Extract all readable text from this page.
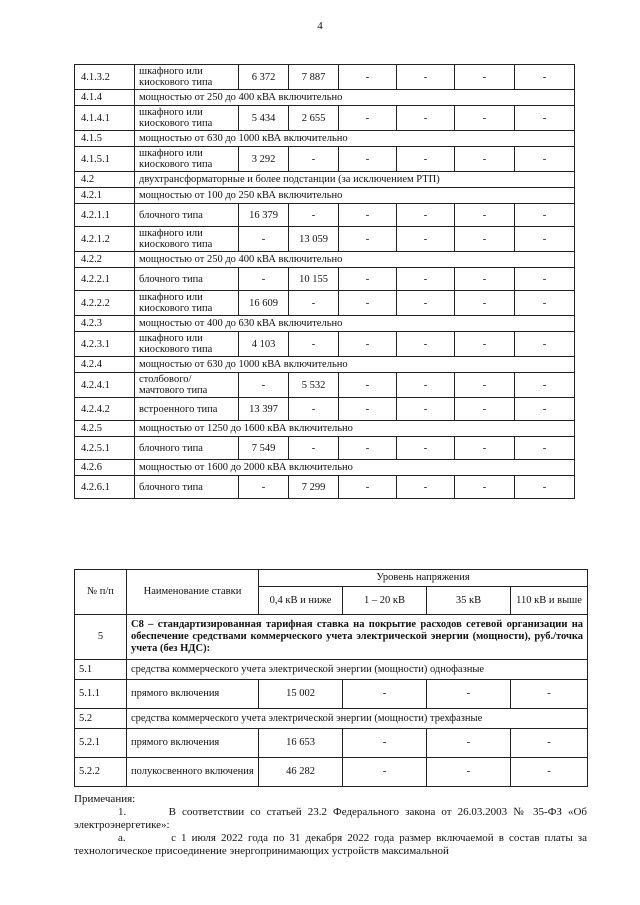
4
4.1.3.2	шкафного или киоскового типа	6 372	7 887	-	-	-	-
4.1.4	мощностью от 250 до 400 кВА включительно						
4.1.4.1	шкафного или киоскового типа	5 434	2 655	-	-	-	-
4.1.5	мощностью от 630 до 1000 кВА включительно						
4.1.5.1	шкафного или киоскового типа	3 292	-	-	-	-	-
4.2	двухтрансформаторные и более подстанции (за исключением РТП)						
4.2.1	мощностью от 100 до 250 кВА включительно						
4.2.1.1	блочного типа	16 379	-	-	-	-	-
4.2.1.2	шкафного или киоскового типа	-	13 059	-	-	-	-
4.2.2	мощностью от 250 до 400 кВА включительно						
4.2.2.1	блочного типа	-	10 155	-	-	-	-
4.2.2.2	шкафного или киоскового типа	16 609	-	-	-	-	-
4.2.3	мощностью от 400 до 630 кВА включительно						
4.2.3.1	шкафного или киоскового типа	4 103	-	-	-	-	-
4.2.4	мощностью от 630 до 1000 кВА включительно						
4.2.4.1	столбового/ мачтового типа	-	5 532	-	-	-	-
4.2.4.2	встроенного типа	13 397	-	-	-	-	-
4.2.5	мощностью от 1250 до 1600 кВА включительно						
4.2.5.1	блочного типа	7 549	-	-	-	-	-
4.2.6	мощностью от 1600 до 2000 кВА включительно						
4.2.6.1	блочного типа	-	7 299	-	-	-	-
№ п/п	Наименование ставки	Уровень напряжения			
		0,4 кВ и ниже	1 – 20 кВ	35 кВ	110 кВ и выше
5	С8 – стандартизированная тарифная ставка на покрытие расходов сетевой организации на обеспечение средствами коммерческого учета электрической энергии (мощности), руб./точка учета (без НДС):				
5.1	средства коммерческого учета электрической энергии (мощности) однофазные				
5.1.1	прямого включения	15 002	-	-	-
5.2	средства коммерческого учета электрической энергии (мощности) трехфазные				
5.2.1	прямого включения	16 653	-	-	-
5.2.2	полукосвенного включения	46 282	-	-	-
Примечания:
1.	В соответствии со статьей 23.2 Федерального закона от 26.03.2003 № 35-ФЗ «Об электроэнергетике»:
а.	с 1 июля 2022 года по 31 декабря 2022 года размер включаемой в состав платы за технологическое присоединение энергопринимающих устройств максимальной
